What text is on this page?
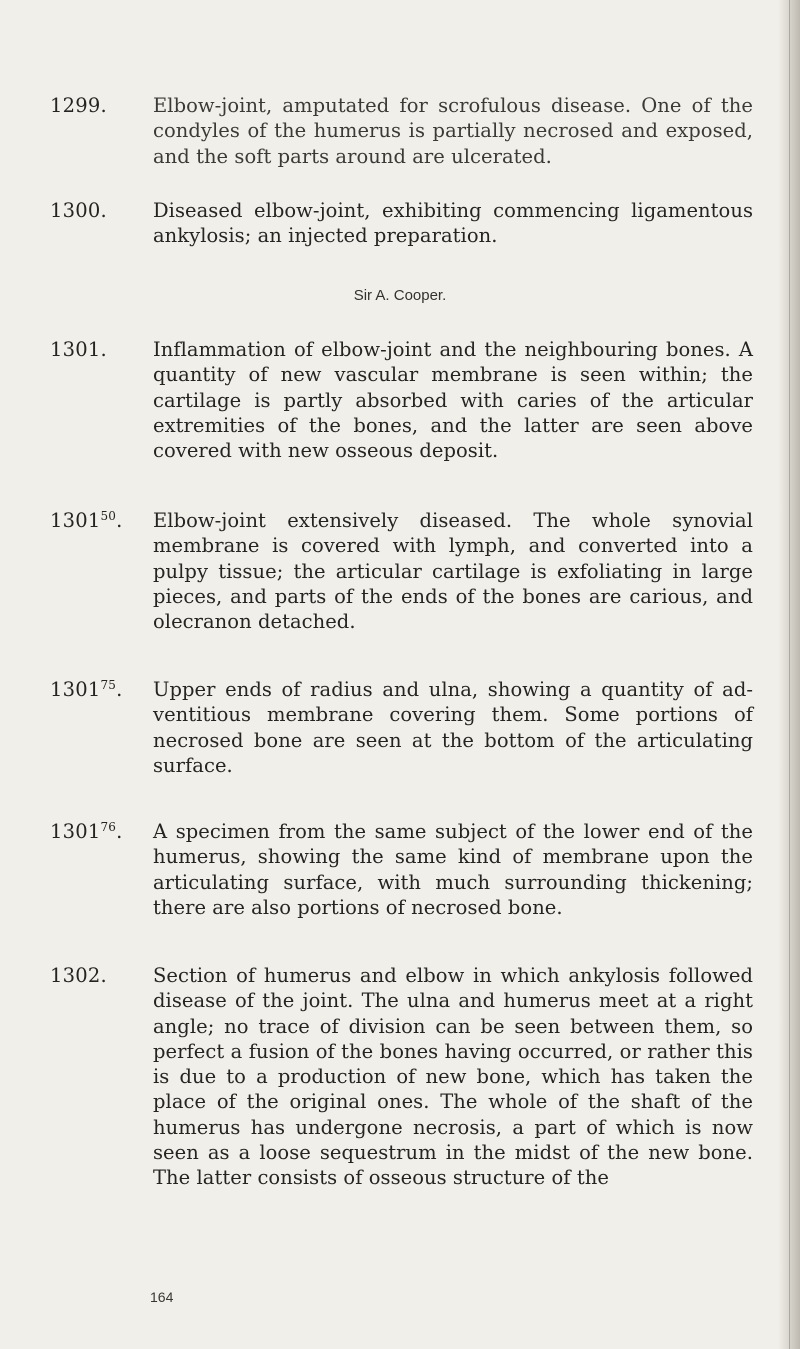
1299.	Elbow-joint, amputated for scrofulous disease. One of the condyles of the humerus is partially necrosed and exposed, and the soft parts around are ulcerated.
1300.	Diseased elbow-joint, exhibiting commencing ligamentous ankylosis; an injected preparation.
Sir A. Cooper.
1301.	Inflammation of elbow-joint and the neighbouring bones. A quantity of new vascular membrane is seen within; the cartilage is partly absorbed with caries of the articular extremities of the bones, and the latter are seen above covered with new osseous deposit.
1301$^{50}$.	Elbow-joint extensively diseased. The whole synovial membrane is covered with lymph, and converted into a pulpy tissue; the articular cartilage is exfoliating in large pieces, and parts of the ends of the bones are carious, and olecranon detached.
1301$^{75}$.	Upper ends of radius and ulna, showing a quantity of ad- ventitious membrane covering them. Some portions of necrosed bone are seen at the bottom of the articulating surface.
1301$^{76}$.	A specimen from the same subject of the lower end of the humerus, showing the same kind of membrane upon the articulating surface, with much surrounding thickening; there are also portions of necrosed bone.
1302.	Section of humerus and elbow in which ankylosis followed disease of the joint. The ulna and humerus meet at a right angle; no trace of division can be seen between them, so perfect a fusion of the bones having occurred, or rather this is due to a production of new bone, which has taken the place of the original ones. The whole of the shaft of the humerus has undergone necrosis, a part of which is now seen as a loose sequestrum in the midst of the new bone. The latter consists of osseous structure of the
164
